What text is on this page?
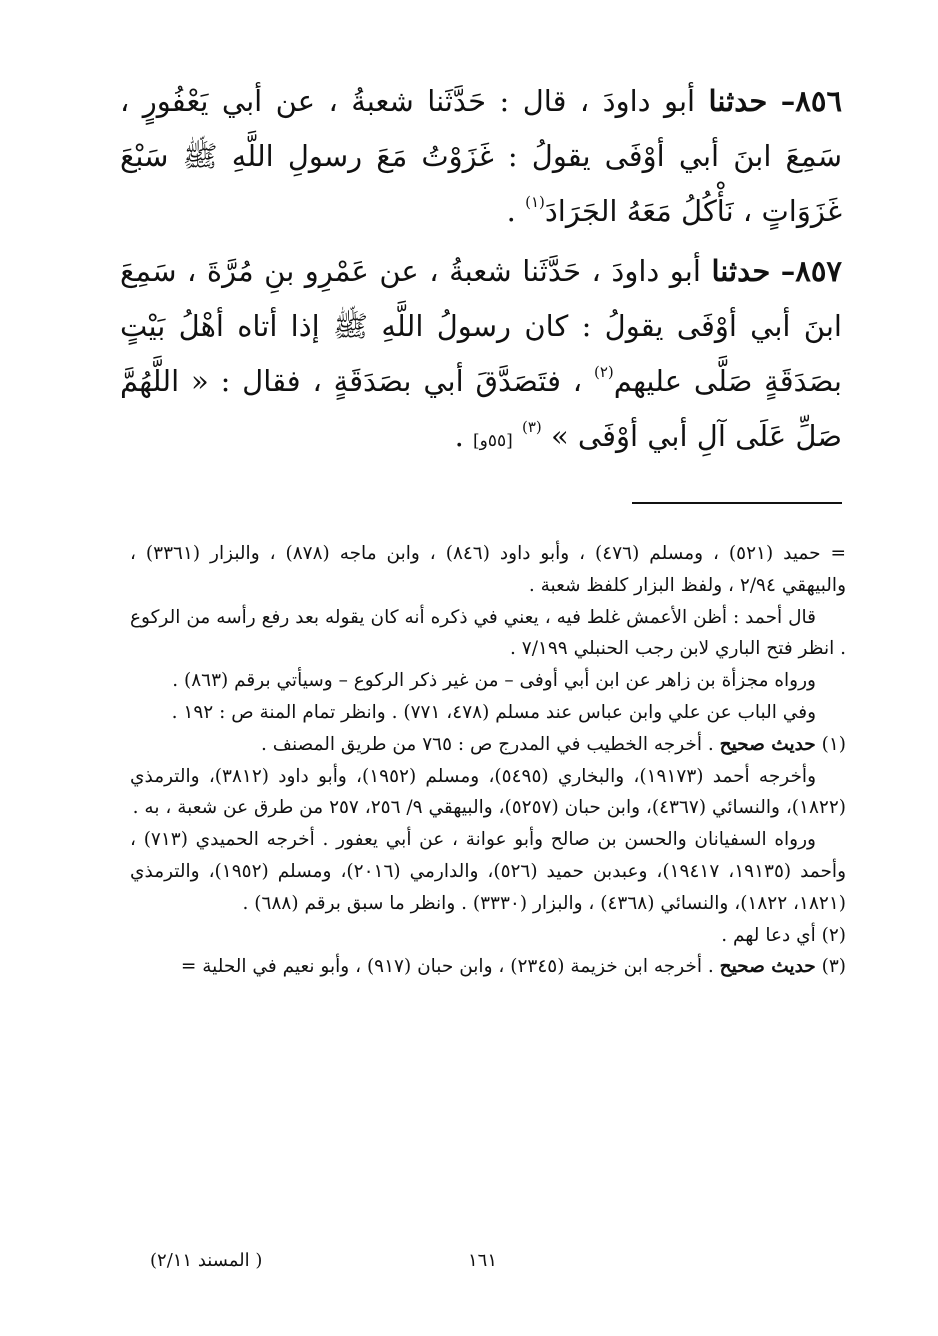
٨٥٦– حدثنا أبو داودَ ، قال : حَدَّثَنا شعبةُ ، عن أبي يَعْفُورٍ ، سَمِعَ ابنَ أبي أوْفَى يقولُ : غَزَوْتُ مَعَ رسولِ اللَّهِ ﷺ سَبْعَ غَزَوَاتٍ ، نَأْكُلُ مَعَهُ الجَرَادَ$^{(١)}$ .

٨٥٧– حدثنا أبو داودَ ، حَدَّثَنا شعبةُ ، عن عَمْرِو بنِ مُرَّةَ ، سَمِعَ ابنَ أبي أوْفَى يقولُ : كان رسولُ اللَّهِ ﷺ إذا أتاه أهْلُ بَيْتٍ بصَدَقَةٍ صَلَّى عليهم$^{(٢)}$ ، فتَصَدَّقَ أبي بصَدَقَةٍ ، فقال : « اللَّهُمَّ صَلِّ عَلَى آلِ أبي أوْفَى » $^{(٣)}$ [٥٥و] .

= حميد (٥٢١) ، ومسلم (٤٧٦) ، وأبو داود (٨٤٦) ، وابن ماجه (٨٧٨) ، والبزار (٣٣٦١) ، والبيهقي ٢/٩٤ ، ولفظ البزار كلفظ شعبة .

قال أحمد : أظن الأعمش غلط فيه ، يعني في ذكره أنه كان يقوله بعد رفع رأسه من الركوع . انظر فتح الباري لابن رجب الحنبلي ٧/١٩٩ .

ورواه مجزأة بن زاهر عن ابن أبي أوفى – من غير ذكر الركوع – وسيأتي برقم (٨٦٣) .

وفي الباب عن علي وابن عباس عند مسلم (٤٧٨، ٧٧١) . وانظر تمام المنة ص : ١٩٢ .

(١) حديث صحيح . أخرجه الخطيب في المدرج ص : ٧٦٥ من طريق المصنف .

وأخرجه أحمد (١٩١٧٣)، والبخاري (٥٤٩٥)، ومسلم (١٩٥٢)، وأبو داود (٣٨١٢)، والترمذي (١٨٢٢)، والنسائي (٤٣٦٧)، وابن حبان (٥٢٥٧)، والبيهقي ٩/ ٢٥٦، ٢٥٧ من طرق عن شعبة ، به .

ورواه السفيانان والحسن بن صالح وأبو عوانة ، عن أبي يعفور . أخرجه الحميدي (٧١٣) ، وأحمد (١٩١٣٥، ١٩٤١٧)، وعبدبن حميد (٥٢٦)، والدارمي (٢٠١٦)، ومسلم (١٩٥٢)، والترمذي (١٨٢١، ١٨٢٢)، والنسائي (٤٣٦٨) ، والبزار (٣٣٣٠) . وانظر ما سبق برقم (٦٨٨) .

(٢) أي دعا لهم .

(٣) حديث صحيح . أخرجه ابن خزيمة (٢٣٤٥) ، وابن حبان (٩١٧) ، وأبو نعيم في الحلية =

١٦١
( المسند ٢/١١)
